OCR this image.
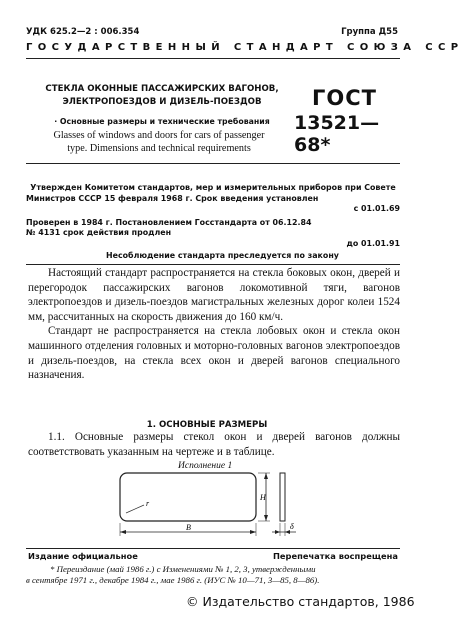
УДК 625.2—2 : 006.354	Группа Д55
ГОСУДАРСТВЕННЫЙ СТАНДАРТ СОЮЗА ССР
СТЕКЛА ОКОННЫЕ ПАССАЖИРСКИХ ВАГОНОВ,
ЭЛЕКТРОПОЕЗДОВ И ДИЗЕЛЬ-ПОЕЗДОВ
· Основные размеры и технические требования
Glasses of windows and doors for cars of passenger
type. Dimensions and technical requirements
ГОСТ
13521—68*
Утвержден Комитетом стандартов, мер и измерительных приборов при Совете
Министров СССР 15 февраля 1968 г. Срок введения установлен
с 01.01.69
Проверен в 1984 г. Постановлением Госстандарта от 06.12.84
№ 4131 срок действия продлен
до 01.01.91
Несоблюдение стандарта преследуется по закону

Настоящий стандарт распространяется на стекла боковых окон, дверей и перегородок пассажирских вагонов локомотивной тяги, вагонов электропоездов и дизель-поездов магистральных железных дорог колеи 1524 мм, рассчитанных на скорость движения до 160 км/ч.

Стандарт не распространяется на стекла лобовых окон и стекла окон машинного отделения головных и моторно-головных вагонов электропоездов и дизель-поездов, на стекла всех окон и дверей вагонов специального назначения.

1. ОСНОВНЫЕ РАЗМЕРЫ

1.1. Основные размеры стекол окон и дверей вагонов должны соответствовать указанным на чертеже и в таблице.

Исполнение 1
r
B
H
δ
Издание официальное	Перепечатка воспрещена
* Переиздание (май 1986 г.) с Изменениями № 1, 2, 3, утвержденными
в сентябре 1971 г., декабре 1984 г., мае 1986 г. (ИУС № 10—71, 3—85, 8—86).
© Издательство стандартов, 1986
